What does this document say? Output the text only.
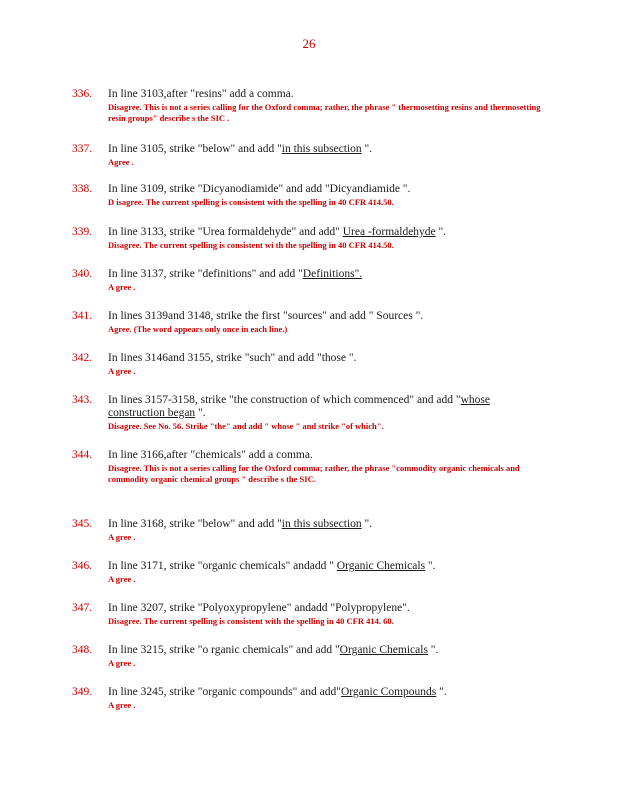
26
336. In line 3103,after "resins" add a comma.
Disagree. This is not a series calling for the Oxford comma; rather, the phrase " thermosetting resins and thermosetting resin groups" describe s the SIC .
337. In line 3105, strike "below" and add "in this subsection ".
Agree .
338. In line 3109, strike "Dicyanodiamide" and add "Dicyandiamide ".
D isagree. The current spelling is consistent with the spelling in 40 CFR 414.50.
339. In line 3133, strike "Urea formaldehyde" and add" Urea -formaldehyde ".
Disagree. The current spelling is consistent wi th the spelling in 40 CFR 414.50.
340. In line 3137, strike "definitions" and add "Definitions".
A gree .
341. In lines 3139and 3148, strike the first "sources" and add " Sources ".
Agree. (The word appears only once in each line.)
342. In lines 3146and 3155, strike "such" and add "those ".
A gree .
343. In lines 3157-3158, strike "the construction of which commenced" and add "whose construction began ".
Disagree. See No. 56. Strike "the" and add " whose " and strike "of which".
344. In line 3166,after "chemicals" add a comma.
Disagree. This is not a series calling for the Oxford comma; rather, the phrase "commodity organic chemicals and commodity organic chemical groups " describe s the SIC.
345. In line 3168, strike "below" and add "in this subsection ".
A gree .
346. In line 3171, strike "organic chemicals" andadd " Organic Chemicals ".
A gree .
347. In line 3207, strike "Polyoxypropylene" andadd "Polypropylene".
Disagree. The current spelling is consistent with the spelling in 40 CFR 414. 60.
348. In line 3215, strike "o rganic chemicals" and add "Organic Chemicals ".
A gree .
349. In line 3245, strike "organic compounds" and add"Organic Compounds ".
A gree .
